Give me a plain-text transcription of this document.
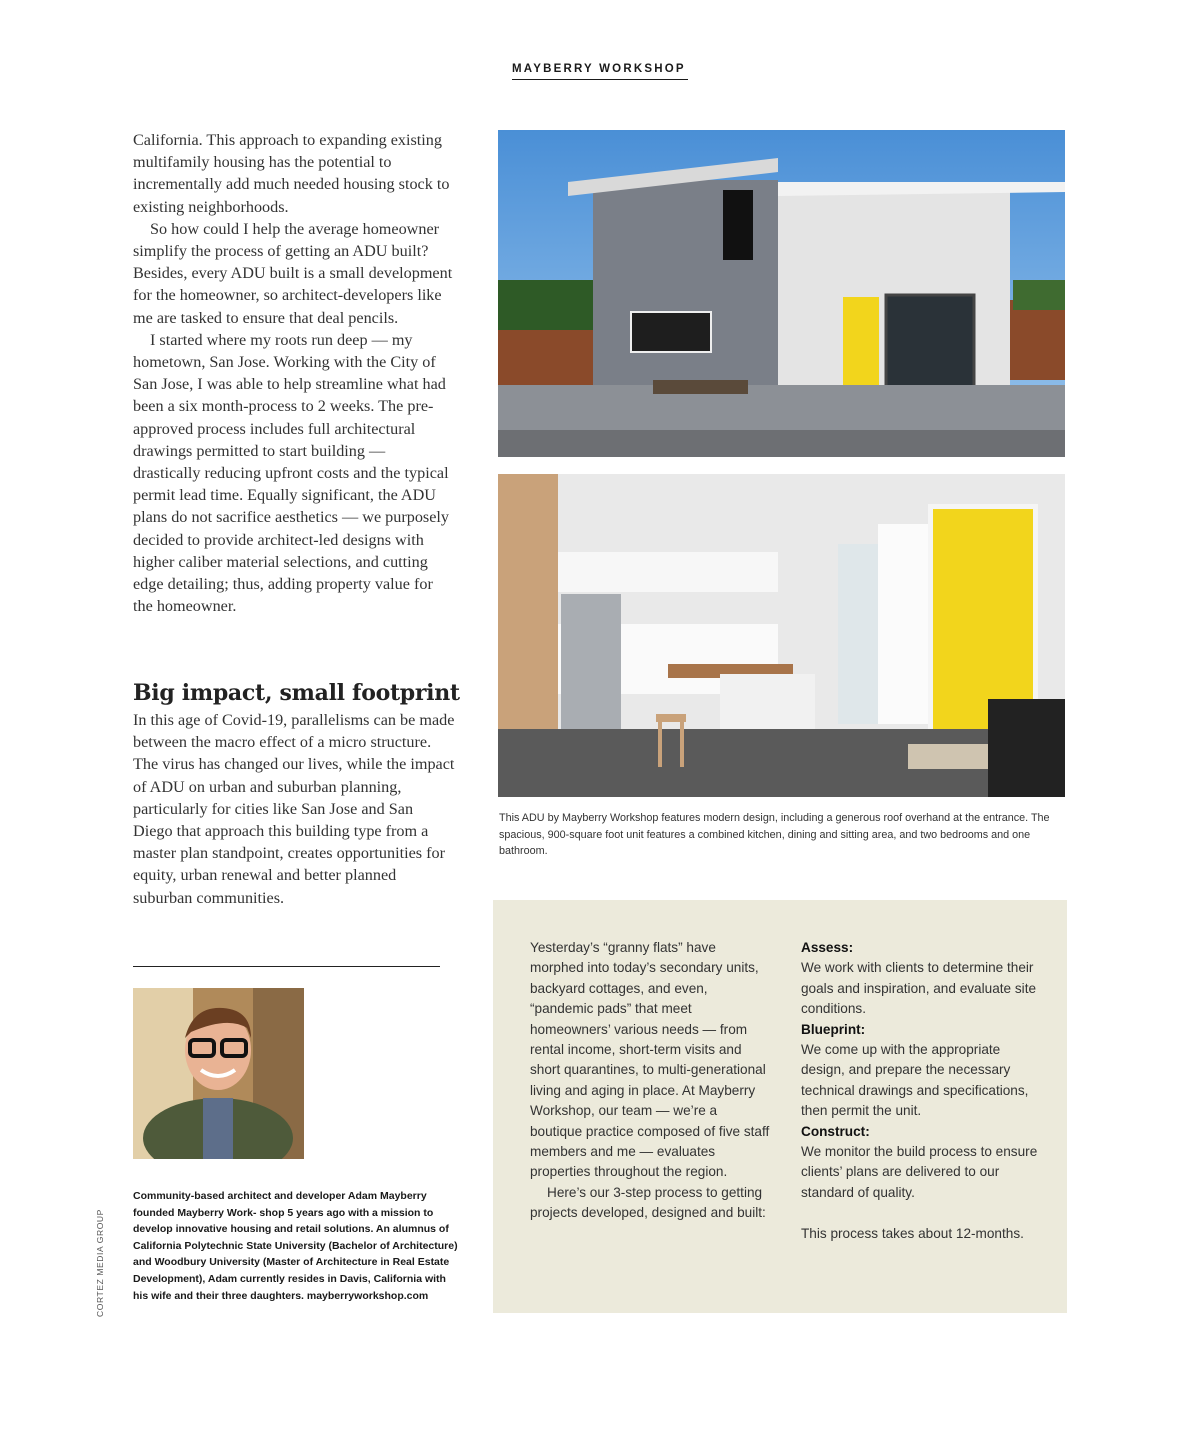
MAYBERRY WORKSHOP

California. This approach to expanding existing multifamily housing has the potential to incrementally add much needed housing stock to existing neighborhoods.

So how could I help the average homeowner simplify the process of getting an ADU built? Besides, every ADU built is a small development for the homeowner, so architect-developers like me are tasked to ensure that deal pencils.

I started where my roots run deep — my hometown, San Jose. Working with the City of San Jose, I was able to help streamline what had been a six month-process to 2 weeks. The pre-approved process includes full architectural drawings permitted to start building — drastically reducing upfront costs and the typical permit lead time. Equally significant, the ADU plans do not sacrifice aesthetics — we purposely decided to provide architect-led designs with higher caliber material selections, and cutting edge detailing; thus, adding property value for the homeowner.

Big impact, small footprint

In this age of Covid-19, parallelisms can be made between the macro effect of a micro structure. The virus has changed our lives, while the impact of ADU on urban and suburban planning, particularly for cities like San Jose and San Diego that approach this building type from a master plan standpoint, creates opportunities for equity, urban renewal and better planned suburban communities.

This ADU by Mayberry Workshop features modern design, including a generous roof overhand at the entrance. The spacious, 900-square foot unit features a combined kitchen, dining and sitting area, and two bedrooms and one bathroom.
Community-based architect and developer Adam Mayberry founded Mayberry Work- shop 5 years ago with a mission to develop innovative housing and retail solutions. An alumnus of California Polytechnic State University (Bachelor of Architecture) and Woodbury University (Master of Architecture in Real Estate Development), Adam currently resides in Davis, California with his wife and their three daughters. mayberryworkshop.com
CORTEZ MEDIA GROUP

Yesterday’s “granny flats” have morphed into today’s secondary units, backyard cottages, and even, “pandemic pads” that meet homeowners’ various needs — from rental income, short-term visits and short quarantines, to multi-generational living and aging in place. At Mayberry Workshop, our team — we’re a boutique practice composed of five staff members and me — evaluates properties throughout the region.

Here’s our 3-step process to getting projects developed, designed and built:

Assess:
We work with clients to determine their goals and inspiration, and evaluate site conditions.
Blueprint:
We come up with the appropriate design, and prepare the necessary technical drawings and specifications, then permit the unit.
Construct:
We monitor the build process to ensure clients’ plans are delivered to our standard of quality.
This process takes about 12-months.
